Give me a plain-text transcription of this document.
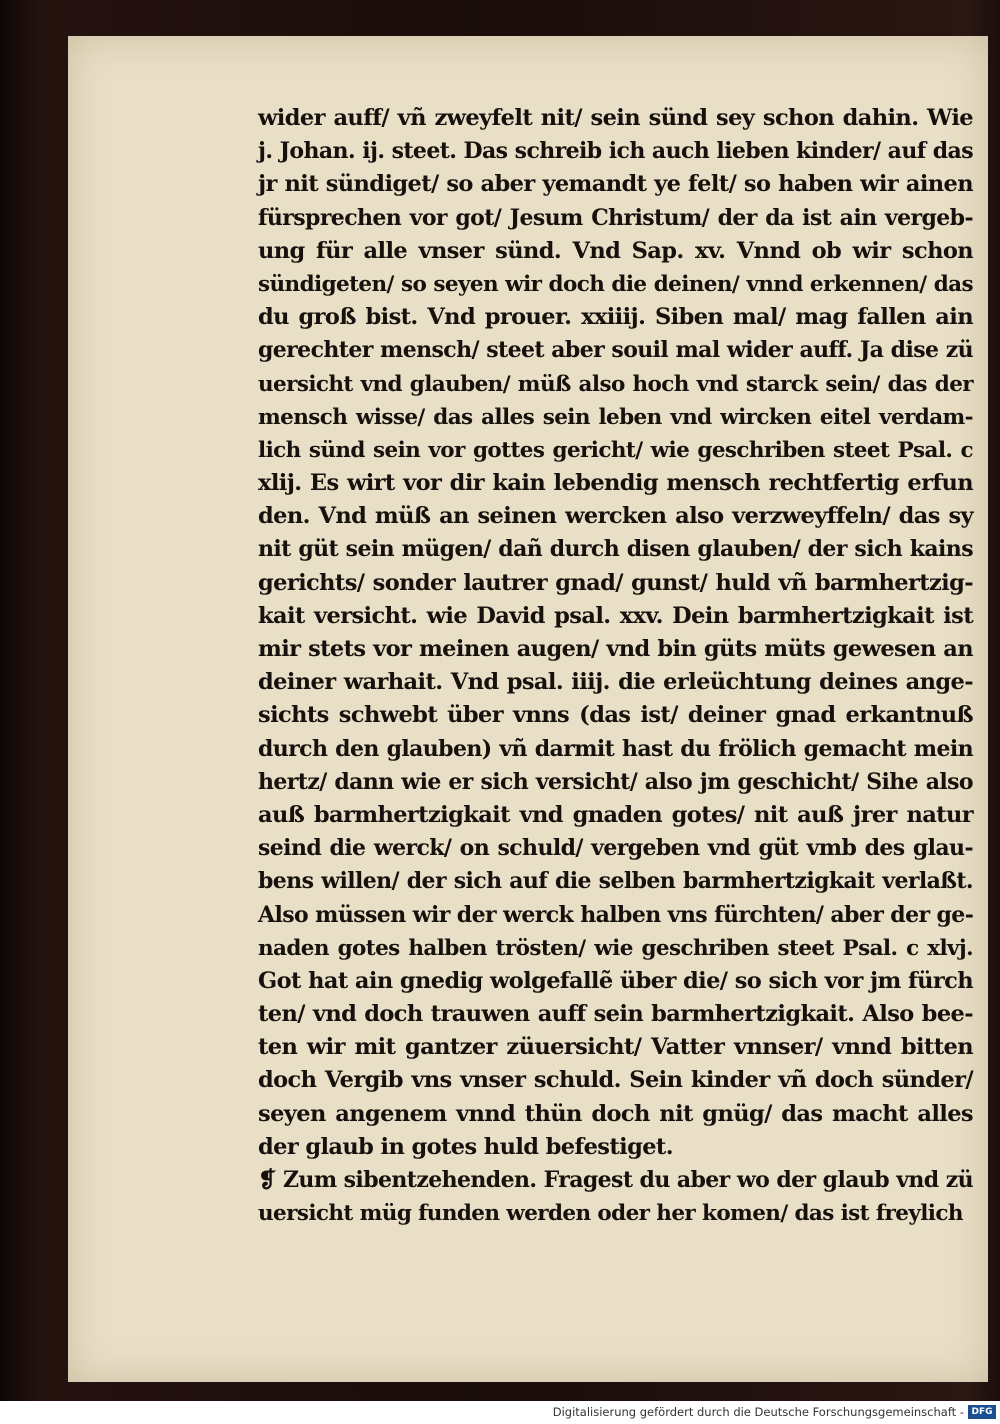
wider auff/ vñ zweyfelt nit/ sein sünd sey schon dahin. Wie
j. Johan. ij. steet. Das schreib ich auch lieben kinder/ auf das
jr nit sündiget/ so aber yemandt ye felt/ so haben wir ainen
fürsprechen vor got/ Jesum Christum/ der da ist ain vergeb-
ung für alle vnser sünd. Vnd Sap. xv. Vnnd ob wir schon
sündigeten/ so seyen wir doch die deinen/ vnnd erkennen/ das
du groß bist. Vnd prouer. xxiiij. Siben mal/ mag fallen ain
gerechter mensch/ steet aber souil mal wider auff. Ja dise zü
uersicht vnd glauben/ müß also hoch vnd starck sein/ das der
mensch wisse/ das alles sein leben vnd wircken eitel verdam-
lich sünd sein vor gottes gericht/ wie geschriben steet Psal. c
xlij. Es wirt vor dir kain lebendig mensch rechtfertig erfun
den. Vnd müß an seinen wercken also verzweyffeln/ das sy
nit güt sein mügen/ dañ durch disen glauben/ der sich kains
gerichts/ sonder lautrer gnad/ gunst/ huld vñ barmhertzig-
kait versicht. wie David psal. xxv. Dein barmhertzigkait ist
mir stets vor meinen augen/ vnd bin güts müts gewesen an
deiner warhait. Vnd psal. iiij. die erleüchtung deines ange-
sichts schwebt über vnns (das ist/ deiner gnad erkantnuß
durch den glauben) vñ darmit hast du frölich gemacht mein
hertz/ dann wie er sich versicht/ also jm geschicht/ Sihe also
auß barmhertzigkait vnd gnaden gotes/ nit auß jrer natur
seind die werck/ on schuld/ vergeben vnd güt vmb des glau-
bens willen/ der sich auf die selben barmhertzigkait verlaßt.
Also müssen wir der werck halben vns fürchten/ aber der ge-
naden gotes halben trösten/ wie geschriben steet Psal. c xlvj.
Got hat ain gnedig wolgefallẽ über die/ so sich vor jm fürch
ten/ vnd doch trauwen auff sein barmhertzigkait. Also bee-
ten wir mit gantzer züuersicht/ Vatter vnnser/ vnnd bitten
doch Vergib vns vnser schuld. Sein kinder vñ doch sünder/
seyen angenem vnnd thün doch nit gnüg/ das macht alles
der glaub in gotes huld befestiget.
❡ Zum sibentzehenden. Fragest du aber wo der glaub vnd zü
uersicht müg funden werden oder her komen/ das ist freylich
Digitalisierung gefördert durch die Deutsche Forschungsgemeinschaft - DFG
